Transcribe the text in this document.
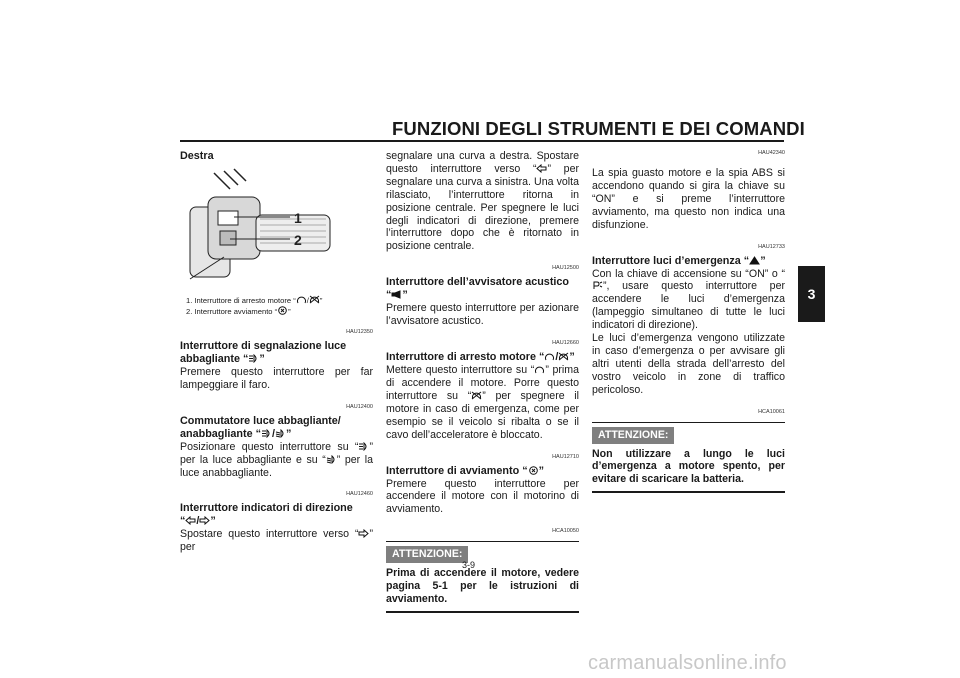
FUNZIONI DEGLI STRUMENTI E DEI COMANDI
3

Destra

1
2
1. Interruttore di arresto motore “ / ”
2. Interruttore avviamento “ ”
HAU12350

Interruttore di segnalazione luce
abbagliante “ ”

Premere questo interruttore per far lampeggiare il faro.

HAU12400

Commutatore luce abbagliante/
anabbagliante “ / ”

Posizionare questo interruttore su “ ” per la luce abbagliante e su “ ” per la luce anabbagliante.

HAU12460

Interruttore indicatori di direzione
“ / ”

Spostare questo interruttore verso “ ” per

segnalare una curva a destra. Spostare questo interruttore verso “ ” per segnalare una curva a sinistra. Una volta rilasciato, l’interruttore ritorna in posizione centrale. Per spegnere le luci degli indicatori di direzione, premere l’interruttore dopo che è ritornato in posizione centrale.

HAU12500

Interruttore dell’avvisatore acustico
“ ”

Premere questo interruttore per azionare l’avvisatore acustico.

HAU12660

Interruttore di arresto motore “ / ”

Mettere questo interruttore su “ ” prima di accendere il motore. Porre questo interruttore su “ ” per spegnere il motore in caso di emergenza, come per esempio se il veicolo si ribalta o se il cavo dell’acceleratore è bloccato.

HAU12710

Interruttore di avviamento “ ”

Premere questo interruttore per accendere il motore con il motorino di avviamento.

HCA10050
ATTENZIONE:

Prima di accendere il motore, vedere pagina 5-1 per le istruzioni di avviamento.

HAU42340

La spia guasto motore e la spia ABS si accendono quando si gira la chiave su “ON” e si preme l’interruttore avviamento, ma questo non indica una disfunzione.

HAU12733

Interruttore luci d’emergenza “ ”

Con la chiave di accensione su “ON” o “”, usare questo interruttore per accendere le luci d’emergenza (lampeggio simultaneo di tutte le luci indicatori di direzione).

Le luci d’emergenza vengono utilizzate in caso d’emergenza o per avvisare gli altri utenti della strada dell’arresto del vostro veicolo in zone di traffico pericoloso.

HCA10061
ATTENZIONE:

Non utilizzare a lungo le luci d’emergenza a motore spento, per evitare di scaricare la batteria.

3-9
carmanualsonline.info
